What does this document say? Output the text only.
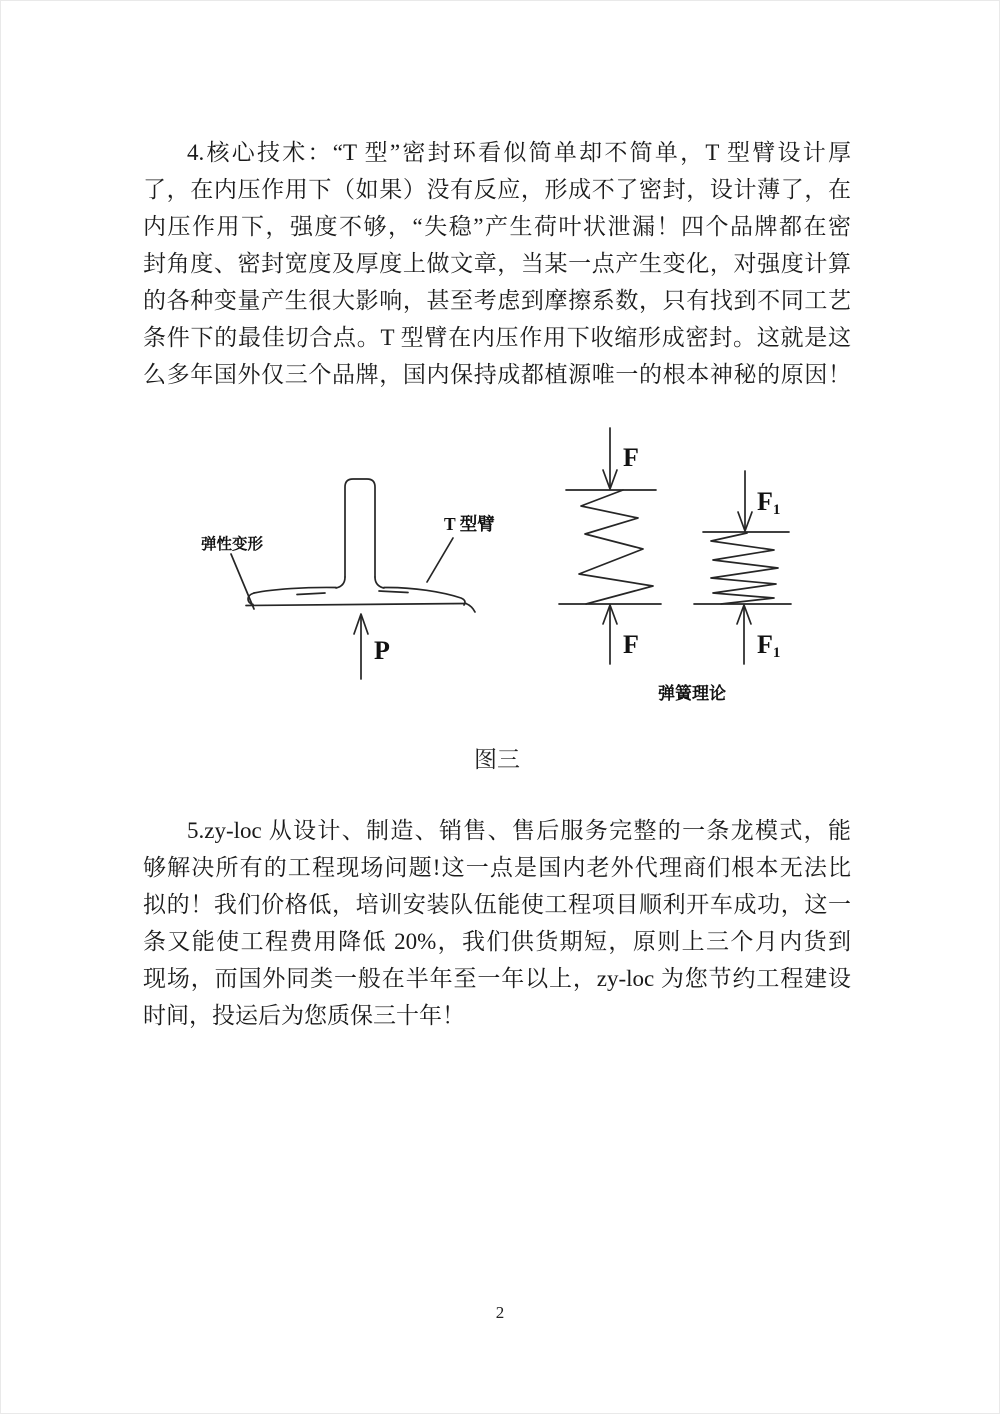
4.核心技术：“T 型”密封环看似简单却不简单，T 型臂设计厚
了，在内压作用下（如果）没有反应，形成不了密封，设计薄了，在
内压作用下，强度不够，“失稳”产生荷叶状泄漏！四个品牌都在密
封角度、密封宽度及厚度上做文章，当某一点产生变化，对强度计算
的各种变量产生很大影响，甚至考虑到摩擦系数，只有找到不同工艺
条件下的最佳切合点。T 型臂在内压作用下收缩形成密封。这就是这
么多年国外仅三个品牌，国内保持成都植源唯一的根本神秘的原因！
弹性变形
T 型臂
P
F
F
F1
F1
弹簧理论
图三
5.zy-loc 从设计、制造、销售、售后服务完整的一条龙模式，能
够解决所有的工程现场问题!这一点是国内老外代理商们根本无法比
拟的！我们价格低，培训安装队伍能使工程项目顺利开车成功，这一
条又能使工程费用降低 20%，我们供货期短，原则上三个月内货到
现场，而国外同类一般在半年至一年以上，zy-loc 为您节约工程建设
时间，投运后为您质保三十年！
2
